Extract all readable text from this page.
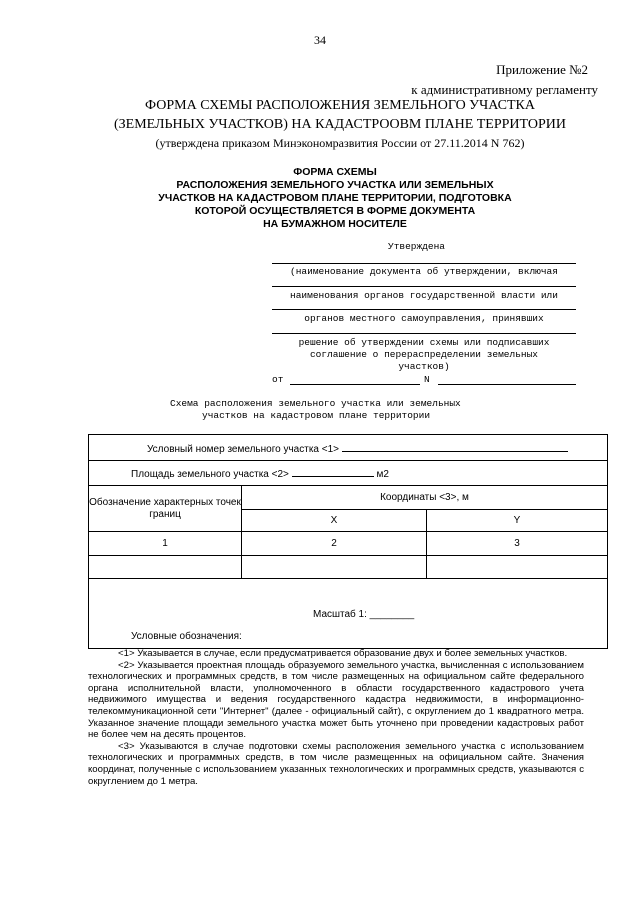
34
Приложение №2
к административному регламенту
ФОРМА СХЕМЫ РАСПОЛОЖЕНИЯ ЗЕМЕЛЬНОГО УЧАСТКА
(ЗЕМЕЛЬНЫХ УЧАСТКОВ) НА КАДАСТРООВМ ПЛАНЕ ТЕРРИТОРИИ
(утверждена приказом Минэкономразвития России от 27.11.2014 N 762)
ФОРМА СХЕМЫ
РАСПОЛОЖЕНИЯ ЗЕМЕЛЬНОГО УЧАСТКА ИЛИ ЗЕМЕЛЬНЫХ
УЧАСТКОВ НА КАДАСТРОВОМ ПЛАНЕ ТЕРРИТОРИИ, ПОДГОТОВКА
КОТОРОЙ ОСУЩЕСТВЛЯЕТСЯ В ФОРМЕ ДОКУМЕНТА
НА БУМАЖНОМ НОСИТЕЛЕ
Утверждена
(наименование документа об утверждении, включая
наименования органов государственной власти или
органов местного самоуправления, принявших
решение об утверждении схемы или подписавших
соглашение о перераспределении земельных
участков)
от	N
Схема расположения земельного участка или земельных
участков на кадастровом плане территории
Условный номер земельного участка <1>		
Площадь земельного участка <2> м2		
Обозначение характерных точек границ	Координаты <3>, м	
	X	Y
1	2	3

Масштаб 1: ________
Условные обозначения:		

<1> Указывается в случае, если предусматривается образование двух и более земельных участков.

<2> Указывается проектная площадь образуемого земельного участка, вычисленная с использованием технологических и программных средств, в том числе размещенных на официальном сайте федерального органа исполнительной власти, уполномоченного в области государственного кадастрового учета недвижимого имущества и ведения государственного кадастра недвижимости, в информационно-телекоммуникационной сети "Интернет" (далее - официальный сайт), с округлением до 1 квадратного метра. Указанное значение площади земельного участка может быть уточнено при проведении кадастровых работ не более чем на десять процентов.

<3> Указываются в случае подготовки схемы расположения земельного участка с использованием технологических и программных средств, в том числе размещенных на официальном сайте. Значения координат, полученные с использованием указанных технологических и программных средств, указываются с округлением до 1 метра.
